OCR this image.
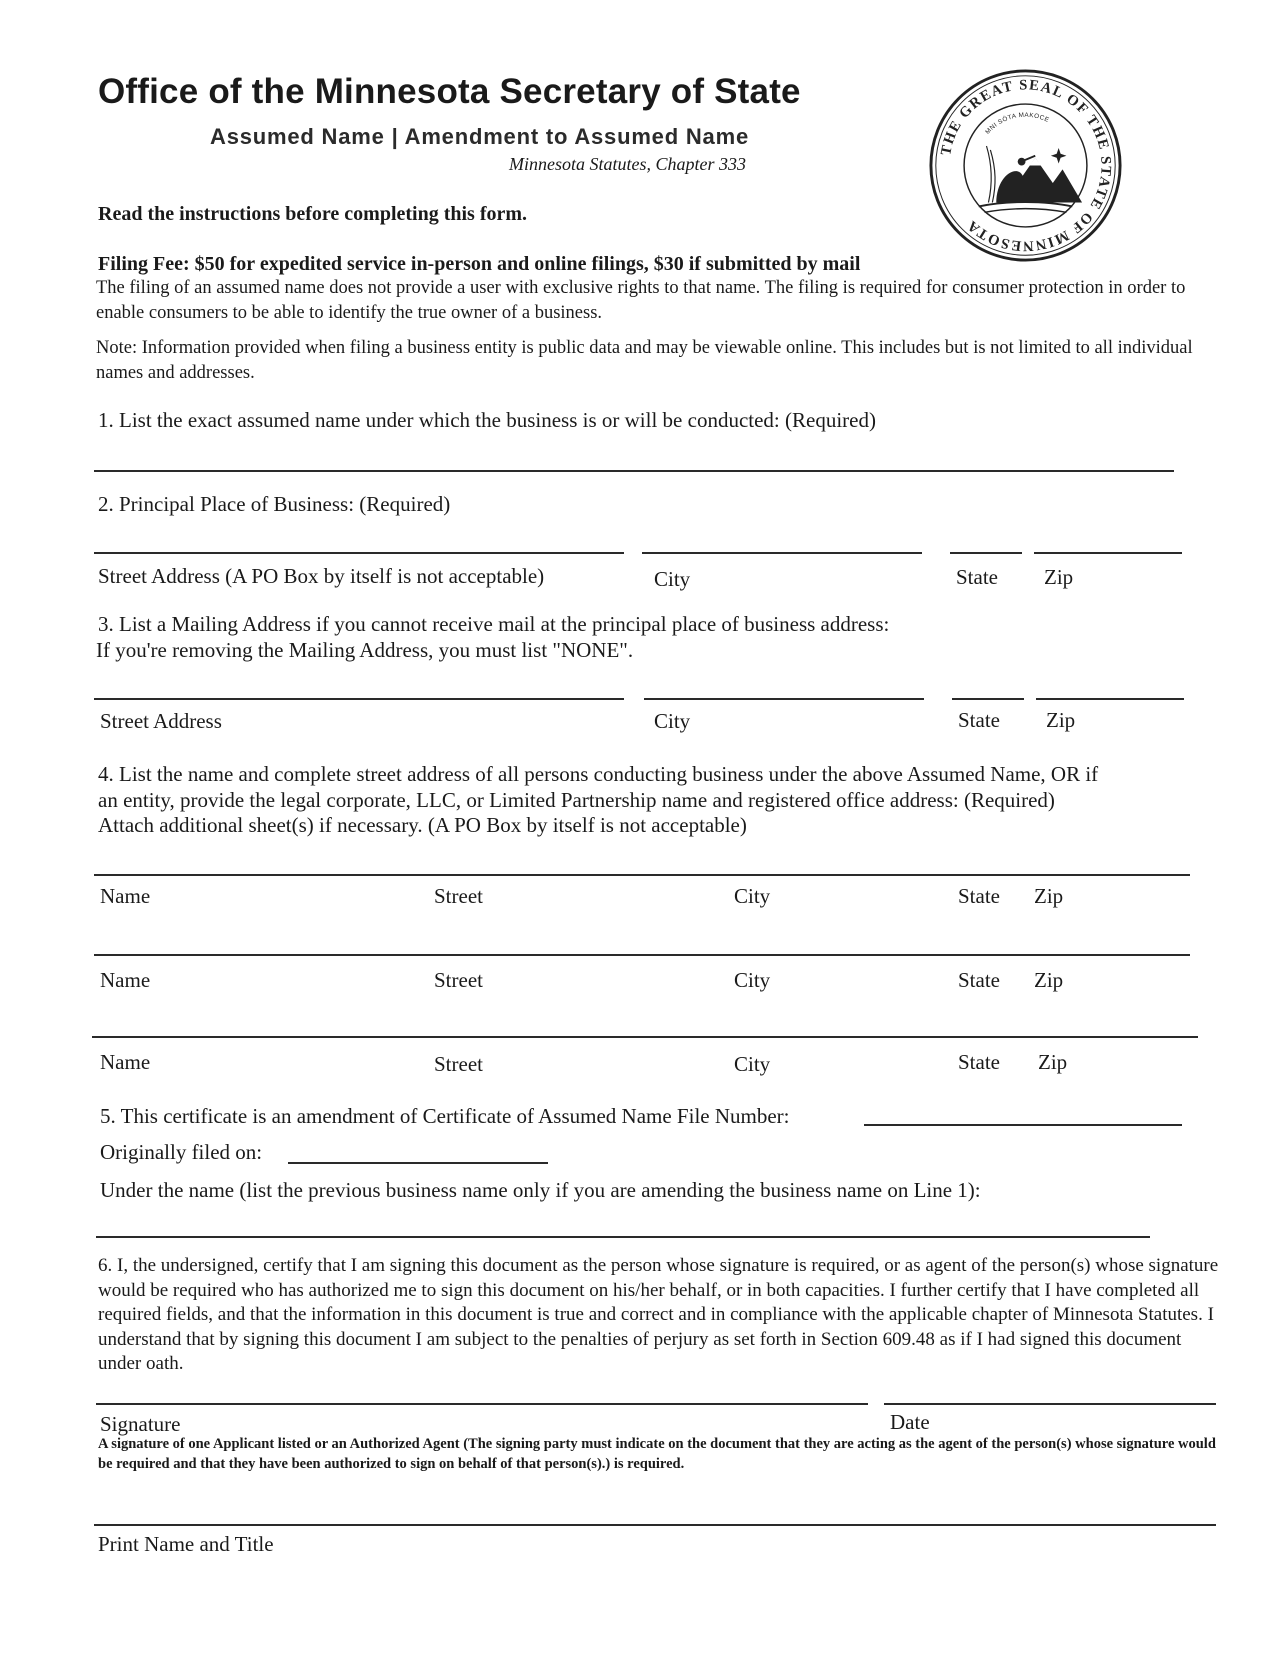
Office of the Minnesota Secretary of State
Assumed Name | Amendment to Assumed Name
Minnesota Statutes, Chapter 333
THE GREAT SEAL OF THE STATE OF MINNESOTA
MNI SÓTA MAKOCE
Read the instructions before completing this form.
Filing Fee: $50 for expedited service in-person and online filings, $30 if submitted by mail
The filing of an assumed name does not provide a user with exclusive rights to that name. The filing is required for consumer protection in order to enable consumers to be able to identify the true owner of a business.
Note: Information provided when filing a business entity is public data and may be viewable online. This includes but is not limited to all individual names and addresses.
1. List the exact assumed name under which the business is or will be conducted: (Required)
2. Principal Place of Business: (Required)
Street Address (A PO Box by itself is not acceptable)	City	State Zip
3. List a Mailing Address if you cannot receive mail at the principal place of business address:
If you're removing the Mailing Address, you must list "NONE".
Street Address	City	State Zip
4. List the name and complete street address of all persons conducting business under the above Assumed Name, OR if
an entity, provide the legal corporate, LLC, or Limited Partnership name and registered office address: (Required)
Attach additional sheet(s) if necessary. (A PO Box by itself is not acceptable)
Name	Street	City	State Zip
Name	Street	City	State Zip
Name	Street	City	State Zip
5. This certificate is an amendment of Certificate of Assumed Name File Number:
Originally filed on:
Under the name (list the previous business name only if you are amending the business name on Line 1):
6. I, the undersigned, certify that I am signing this document as the person whose signature is required, or as agent of the person(s) whose signature would be required who has authorized me to sign this document on his/her behalf, or in both capacities. I further certify that I have completed all required fields, and that the information in this document is true and correct and in compliance with the applicable chapter of Minnesota Statutes. I understand that by signing this document I am subject to the penalties of perjury as set forth in Section 609.48 as if I had signed this document under oath.
Signature	Date
A signature of one Applicant listed or an Authorized Agent (The signing party must indicate on the document that they are acting as the agent of the person(s) whose signature would be required and that they have been authorized to sign on behalf of that person(s).) is required.
Print Name and Title
